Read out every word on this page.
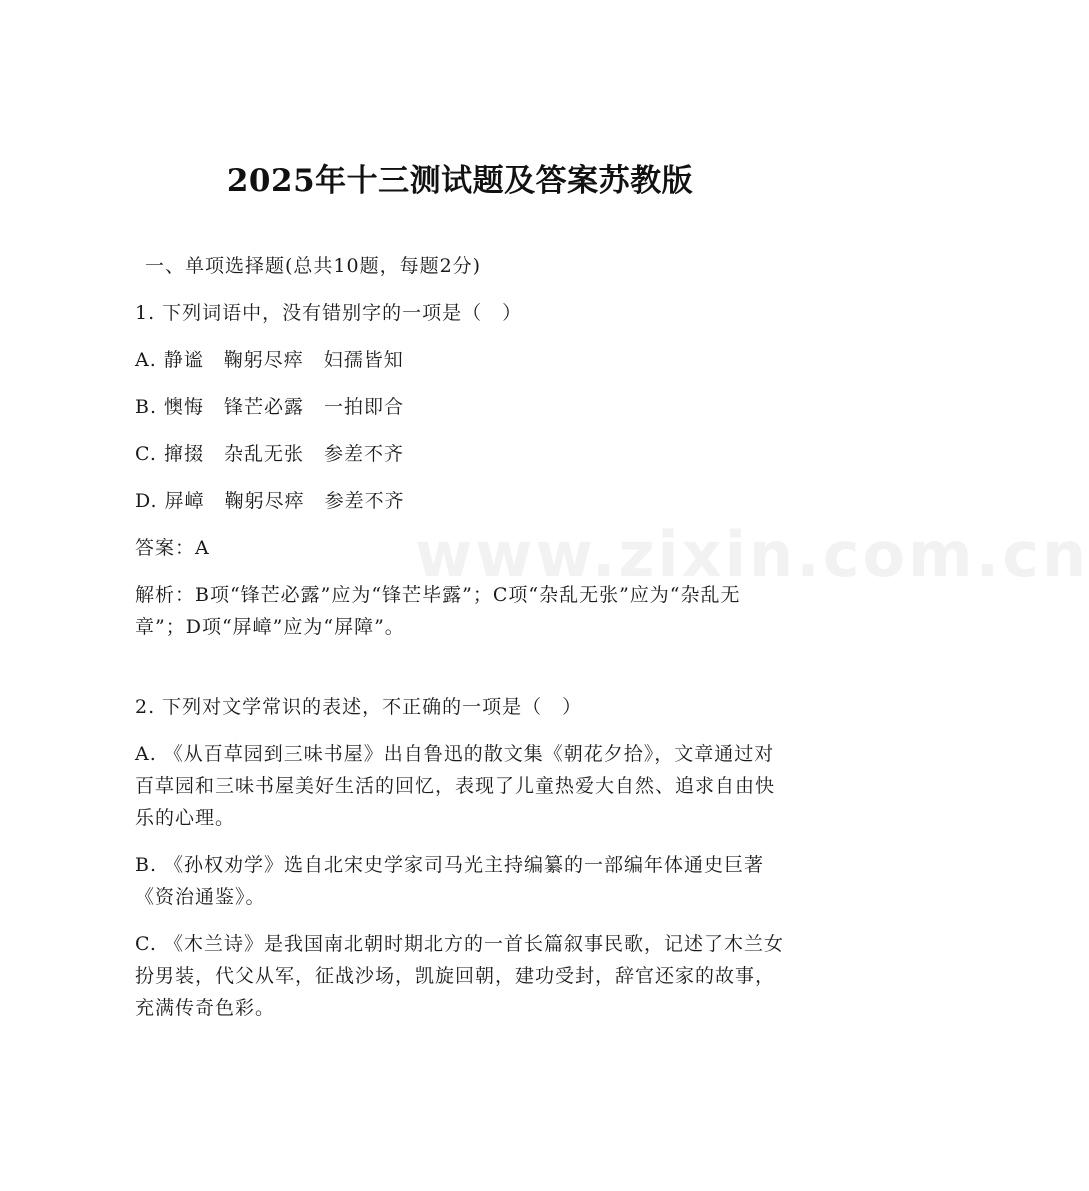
www.zixin.com.cn
2025年十三测试题及答案苏教版

一、单项选择题(总共10题，每题2分)

1. 下列词语中，没有错别字的一项是（　）

A. 静谧　鞠躬尽瘁　妇孺皆知

B. 懊悔　锋芒必露　一拍即合

C. 撺掇　杂乱无张　参差不齐

D. 屏嶂　鞠躬尽瘁　参差不齐

答案：A

解析：B项“锋芒必露”应为“锋芒毕露”；C项“杂乱无张”应为“杂乱无章”；D项“屏嶂”应为“屏障”。

2. 下列对文学常识的表述，不正确的一项是（　）

A. 《从百草园到三味书屋》出自鲁迅的散文集《朝花夕拾》，文章通过对百草园和三味书屋美好生活的回忆，表现了儿童热爱大自然、追求自由快乐的心理。

B. 《孙权劝学》选自北宋史学家司马光主持编纂的一部编年体通史巨著《资治通鉴》。

C. 《木兰诗》是我国南北朝时期北方的一首长篇叙事民歌，记述了木兰女扮男装，代父从军，征战沙场，凯旋回朝，建功受封，辞官还家的故事，充满传奇色彩。
